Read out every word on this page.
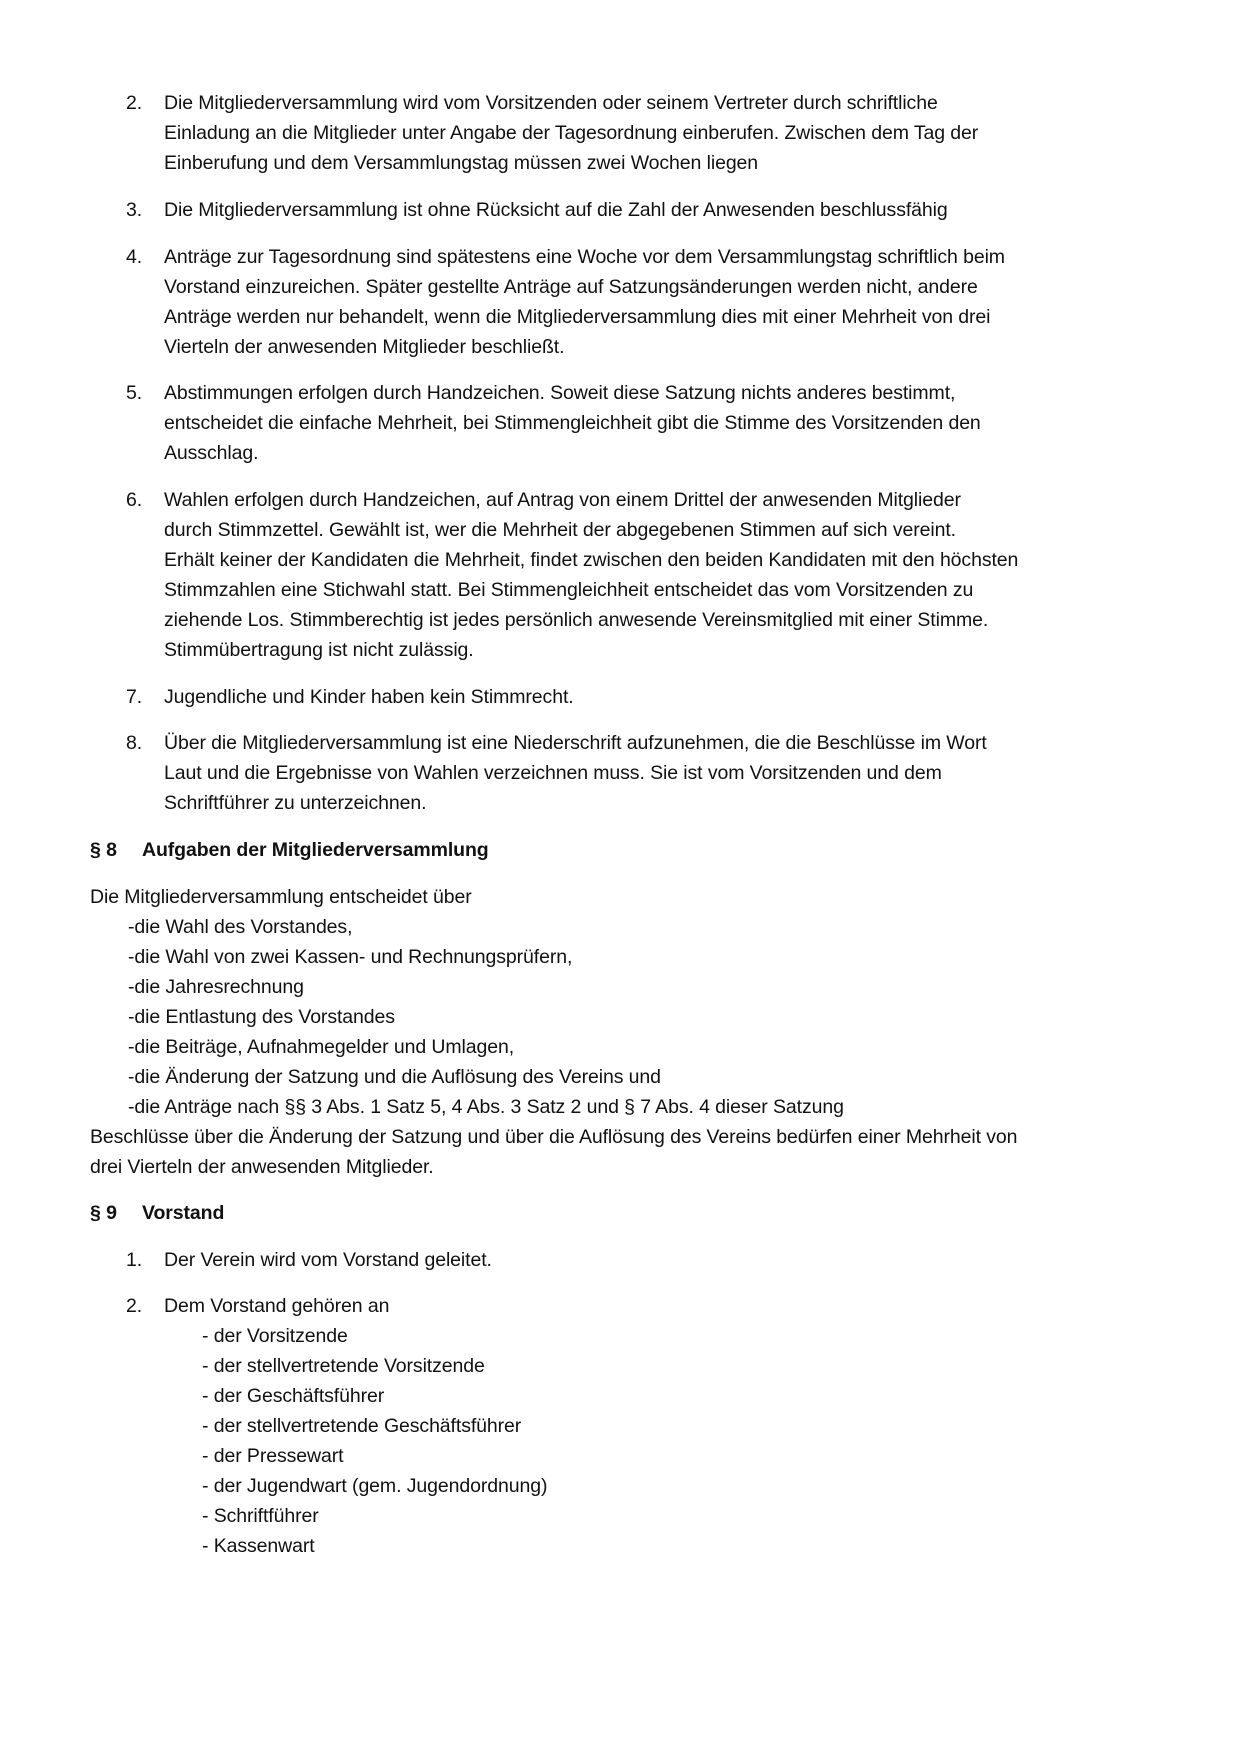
2.	Die Mitgliederversammlung wird vom Vorsitzenden oder seinem Vertreter durch schriftliche
Einladung an die Mitglieder unter Angabe der Tagesordnung einberufen. Zwischen dem Tag der
Einberufung und dem Versammlungstag müssen zwei Wochen liegen
3.	Die Mitgliederversammlung ist ohne Rücksicht auf die Zahl der Anwesenden beschlussfähig
4.	Anträge zur Tagesordnung sind spätestens eine Woche vor dem Versammlungstag schriftlich beim
Vorstand einzureichen. Später gestellte Anträge auf Satzungsänderungen werden nicht, andere
Anträge werden nur behandelt, wenn die Mitgliederversammlung dies mit einer Mehrheit von drei
Vierteln der anwesenden Mitglieder beschließt.
5.	Abstimmungen erfolgen durch Handzeichen. Soweit diese Satzung nichts anderes bestimmt,
entscheidet die einfache Mehrheit, bei Stimmengleichheit gibt die Stimme des Vorsitzenden den
Ausschlag.
6.	Wahlen erfolgen durch Handzeichen, auf Antrag von einem Drittel der anwesenden Mitglieder
durch Stimmzettel. Gewählt ist, wer die Mehrheit der abgegebenen Stimmen auf sich vereint.
Erhält keiner der Kandidaten die Mehrheit, findet zwischen den beiden Kandidaten mit den höchsten
Stimmzahlen eine Stichwahl statt. Bei Stimmengleichheit entscheidet das vom Vorsitzenden zu
ziehende Los. Stimmberechtig ist jedes persönlich anwesende Vereinsmitglied mit einer Stimme.
Stimmübertragung ist nicht zulässig.
7.	Jugendliche und Kinder haben kein Stimmrecht.
8.	Über die Mitgliederversammlung ist eine Niederschrift aufzunehmen, die die Beschlüsse im Wort
Laut und die Ergebnisse von Wahlen verzeichnen muss. Sie ist vom Vorsitzenden und dem
Schriftführer zu unterzeichnen.
§ 8 Aufgaben der Mitgliederversammlung
Die Mitgliederversammlung entscheidet über
-die Wahl des Vorstandes,
-die Wahl von zwei Kassen- und Rechnungsprüfern,
-die Jahresrechnung
-die Entlastung des Vorstandes
-die Beiträge, Aufnahmegelder und Umlagen,
-die Änderung der Satzung und die Auflösung des Vereins und
-die Anträge nach §§ 3 Abs. 1 Satz 5, 4 Abs. 3 Satz 2 und § 7 Abs. 4 dieser Satzung
Beschlüsse über die Änderung der Satzung und über die Auflösung des Vereins bedürfen einer Mehrheit von
drei Vierteln der anwesenden Mitglieder.
§ 9 Vorstand
1.	Der Verein wird vom Vorstand geleitet.
2.	Dem Vorstand gehören an
- der Vorsitzende
- der stellvertretende Vorsitzende
- der Geschäftsführer
- der stellvertretende Geschäftsführer
- der Pressewart
- der Jugendwart (gem. Jugendordnung)
- Schriftführer
- Kassenwart
